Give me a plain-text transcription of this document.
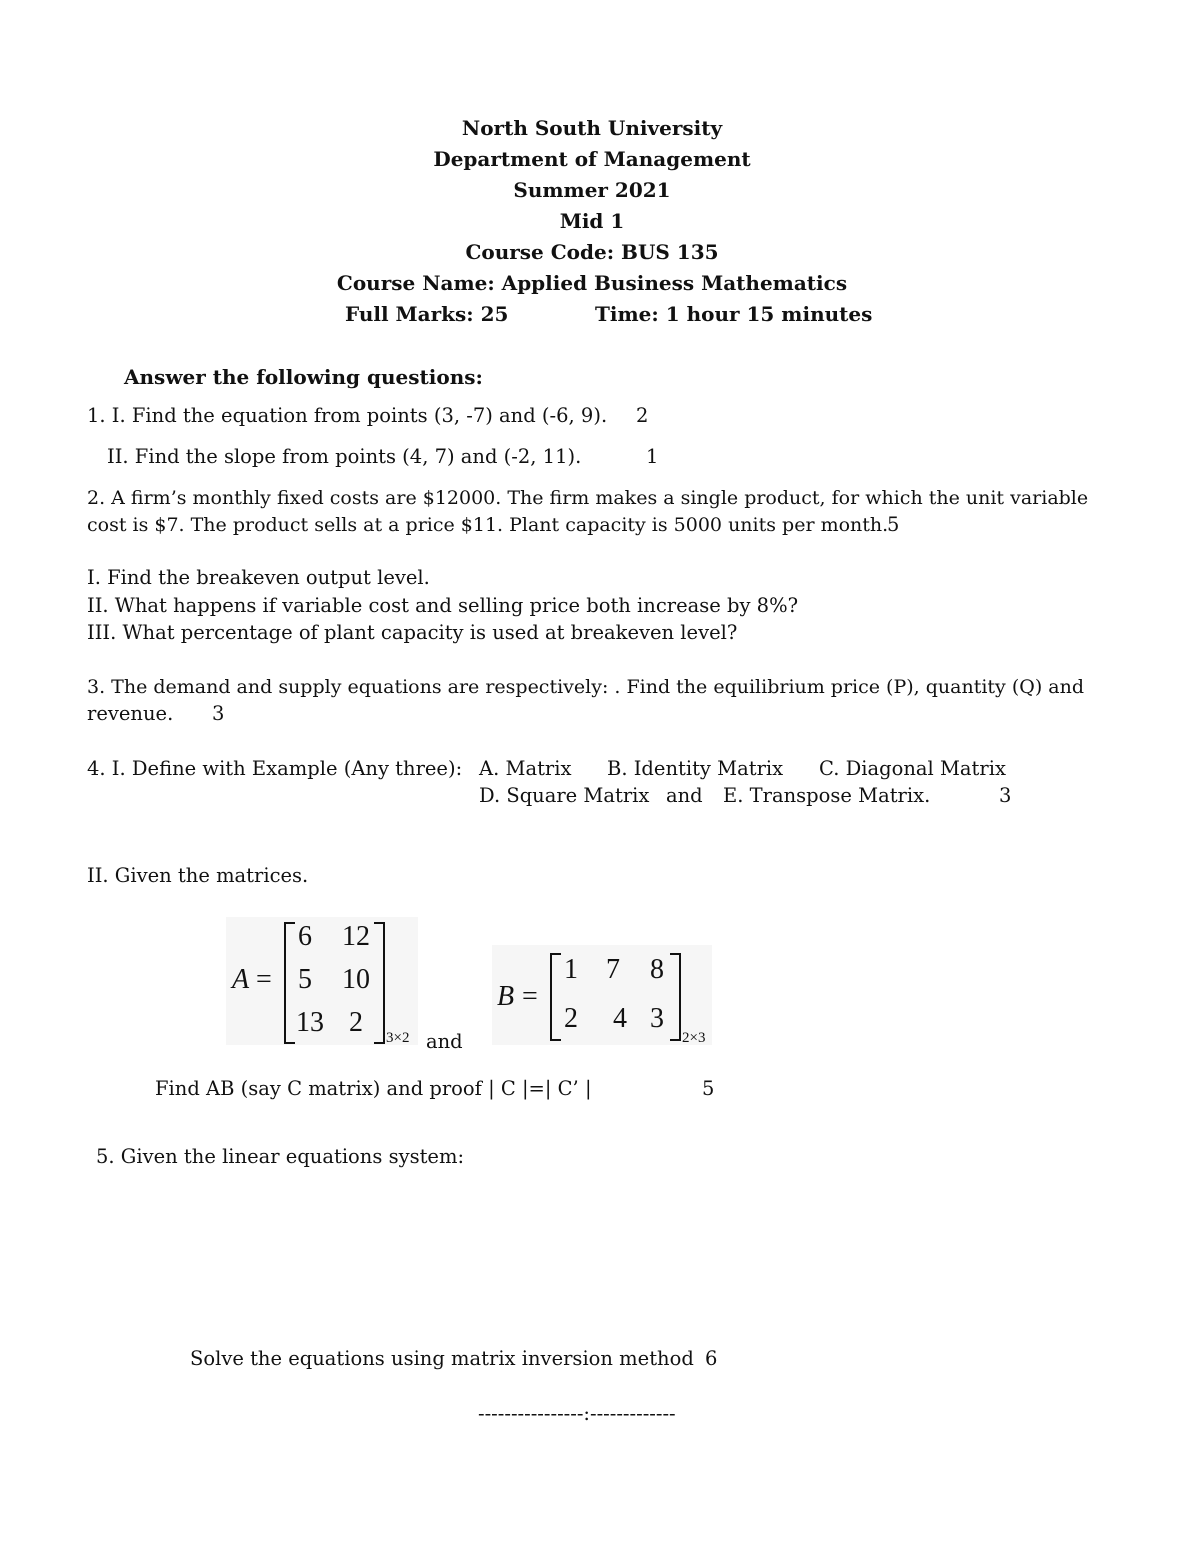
North South University
Department of Management
Summer 2021
Mid 1
Course Code: BUS 135
Course Name: Applied Business Mathematics
Full Marks: 25	Time: 1 hour 15 minutes
Answer the following questions:
1. I. Find the equation from points (3, -7) and (-6, 9). 2
II. Find the slope from points (4, 7) and (-2, 11).	1
2. A firm’s monthly fixed costs are $12000. The firm makes a single product, for which the unit variable
cost is $7. The product sells at a price $11. Plant capacity is 5000 units per month.
5
I. Find the breakeven output level.
II. What happens if variable cost and selling price both increase by 8%?
III. What percentage of plant capacity is used at breakeven level?
3. The demand and supply equations are respectively: . Find the equilibrium price (P), quantity (Q) and
revenue. 3
4. I. Define with Example (Any three): A. Matrix B. Identity Matrix C. Diagonal Matrix
D. Square Matrix and E. Transpose Matrix.	3
II. Given the matrices.
A =
6	12
5	10
13 2	3×2 and
B =
1	7	8
2	4 3
2×3
Find AB (say C matrix) and proof | C |=| C’ |	5
5. Given the linear equations system:
Solve the equations using matrix inversion method 6
----------------:-------------
